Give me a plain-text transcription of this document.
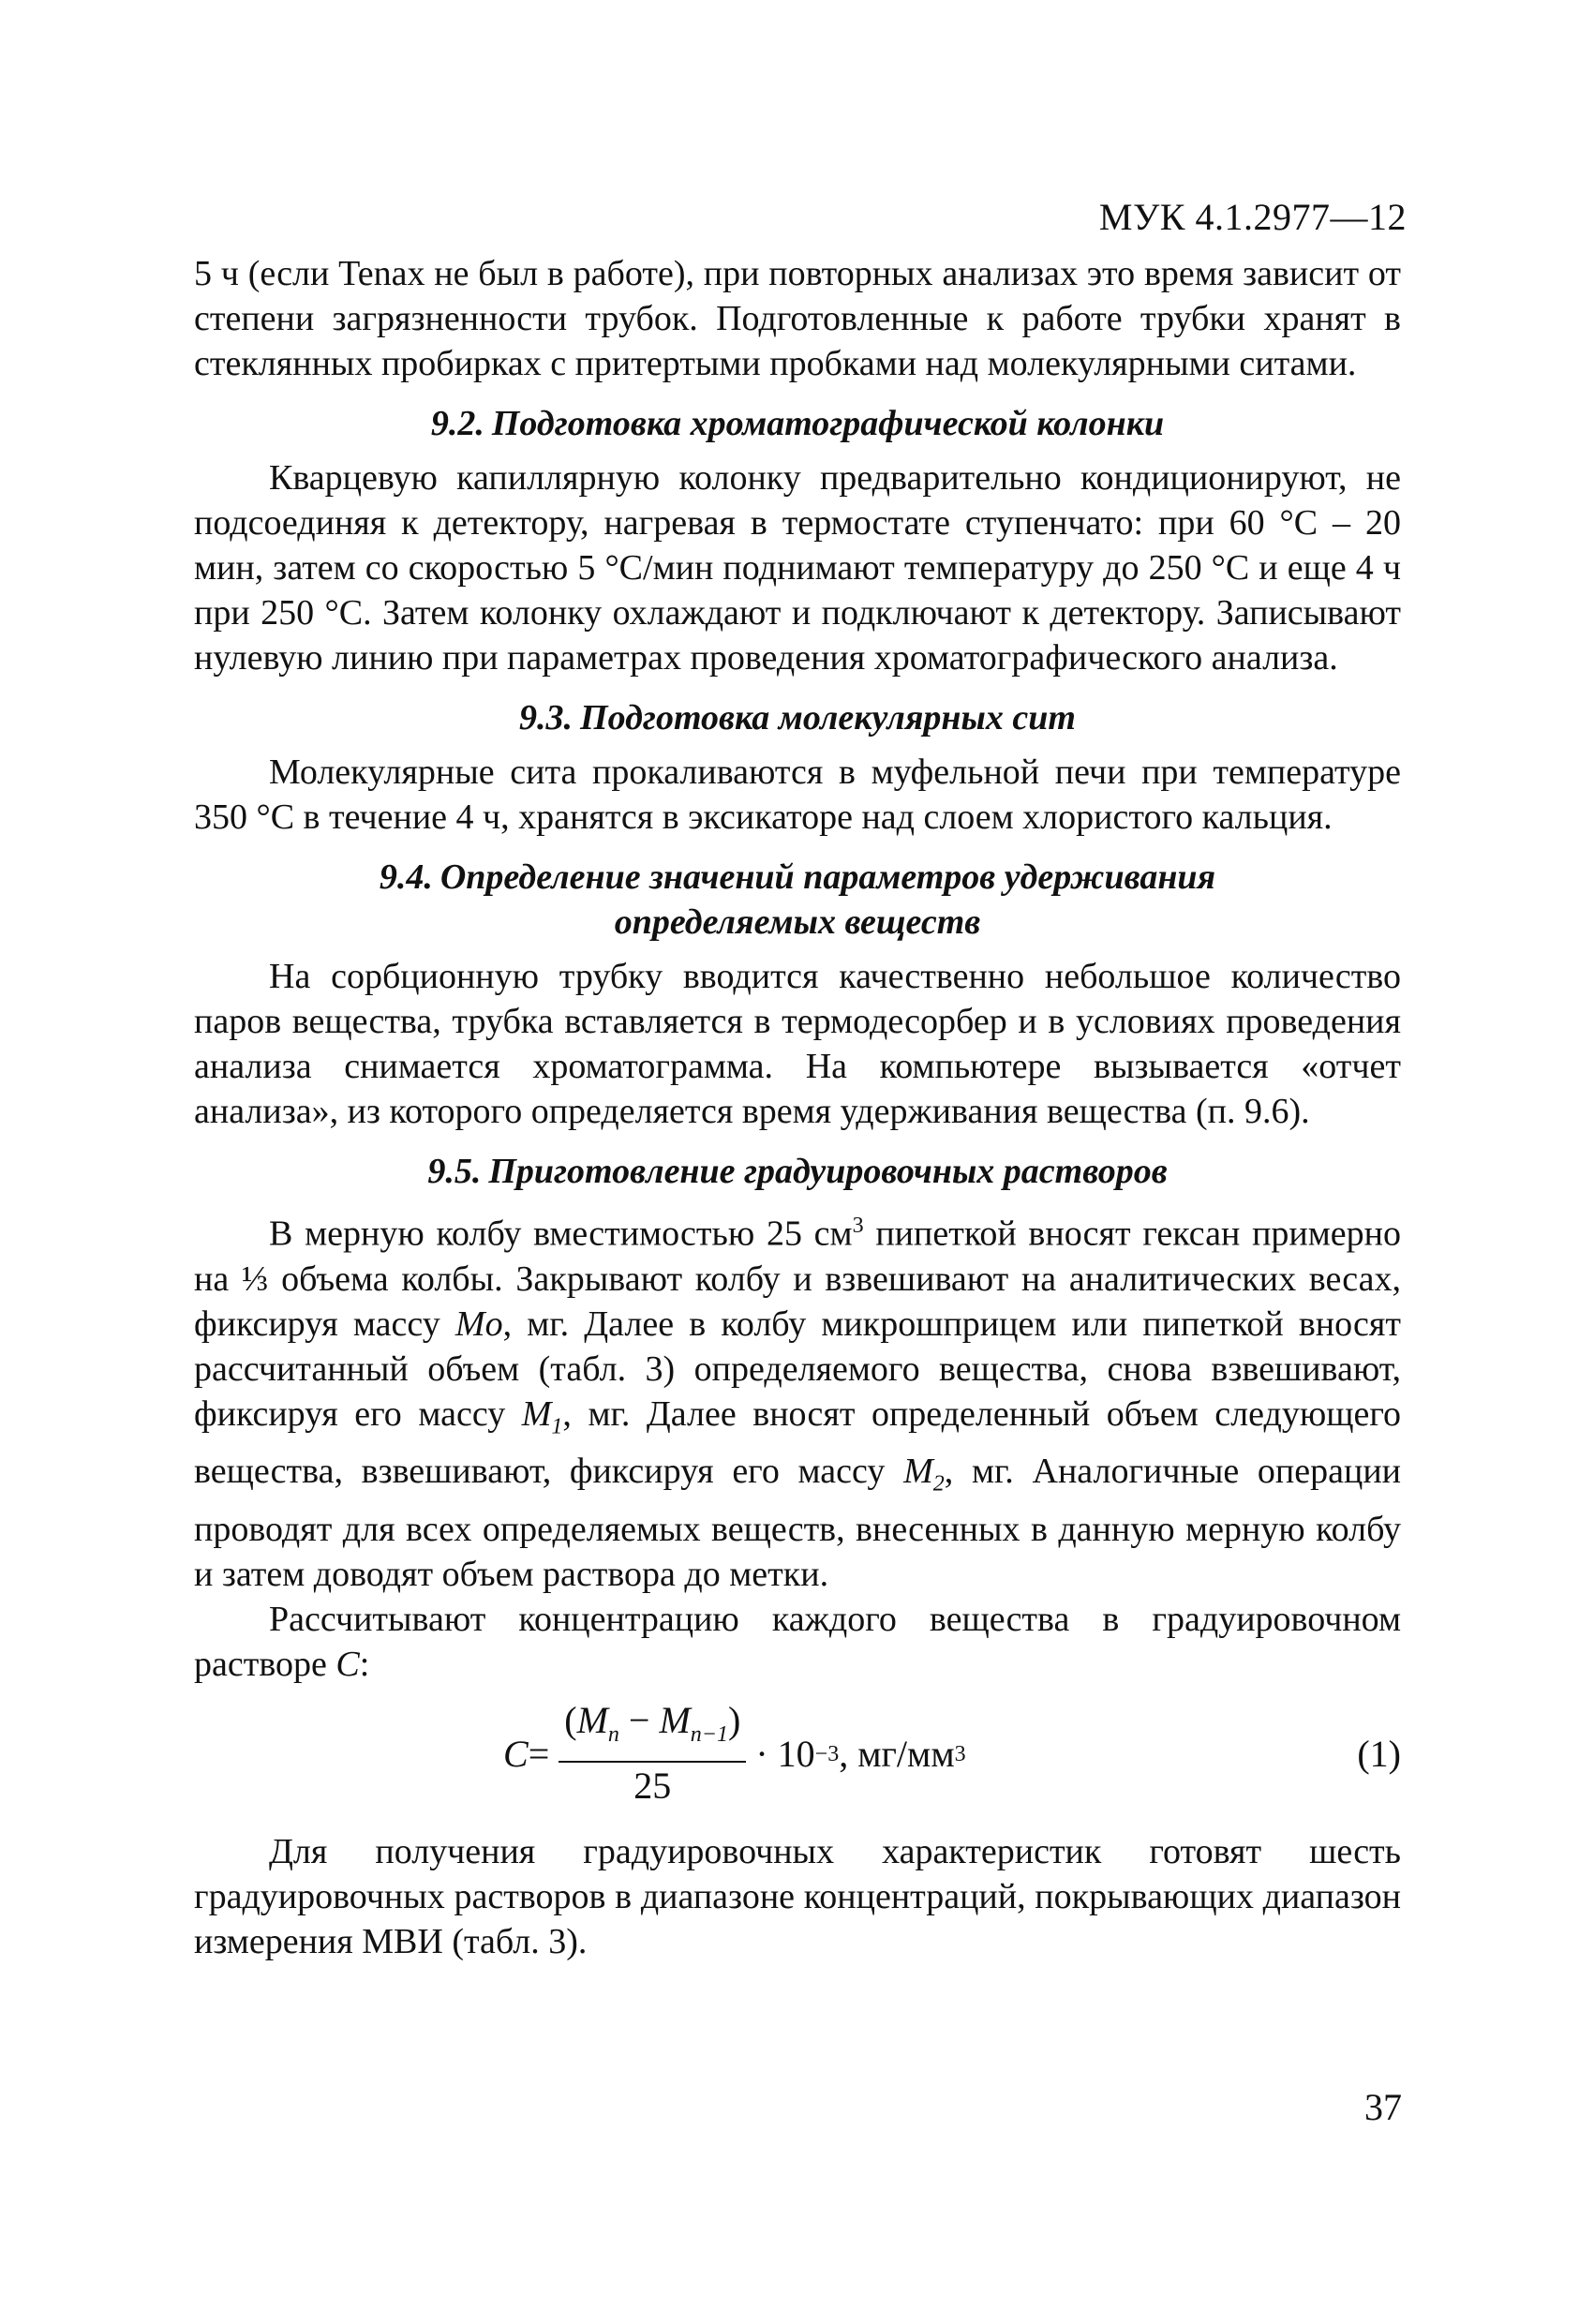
МУК 4.1.2977—12

5 ч (если Tenax не был в работе), при повторных анализах это время зависит от степени загрязненности трубок. Подготовленные к работе трубки хранят в стеклянных пробирках с притертыми пробками над молекулярными ситами.

9.2. Подготовка хроматографической колонки

Кварцевую капиллярную колонку предварительно кондиционируют, не подсоединяя к детектору, нагревая в термостате ступенчато: при 60 °С – 20 мин, затем со скоростью 5 °С/мин поднимают температуру до 250 °С и еще 4 ч при 250 °С. Затем колонку охлаждают и подключают к детектору. Записывают нулевую линию при параметрах проведения хроматографического анализа.

9.3. Подготовка молекулярных сит

Молекулярные сита прокаливаются в муфельной печи при температуре 350 °С в течение 4 ч, хранятся в эксикаторе над слоем хлористого кальция.

9.4. Определение значений параметров удерживания
определяемых веществ

На сорбционную трубку вводится качественно небольшое количество паров вещества, трубка вставляется в термодесорбер и в условиях проведения анализа снимается хроматограмма. На компьютере вызывается «отчет анализа», из которого определяется время удерживания вещества (п. 9.6).

9.5. Приготовление градуировочных растворов

В мерную колбу вместимостью 25 $см^3$ пипеткой вносят гексан примерно на ⅓ объема колбы. Закрывают колбу и взвешивают на аналитических весах, фиксируя массу Mo, мг. Далее в колбу микрошприцем или пипеткой вносят рассчитанный объем (табл. 3) определяемого вещества, снова взвешивают, фиксируя его массу $M_1$, мг. Далее вносят определенный объем следующего вещества, взвешивают, фиксируя его массу $M_2$, мг. Аналогичные операции проводят для всех определяемых веществ, внесенных в данную мерную колбу и затем доводят объем раствора до метки.

Рассчитывают концентрацию каждого вещества в градуировочном растворе C:

$C = \frac{(M_n - M_{n-1})}{25} \cdot 10 -3$ , мг/мм 3	(1)

Для получения градуировочных характеристик готовят шесть градуировочных растворов в диапазоне концентраций, покрывающих диапазон измерения МВИ (табл. 3).

37
